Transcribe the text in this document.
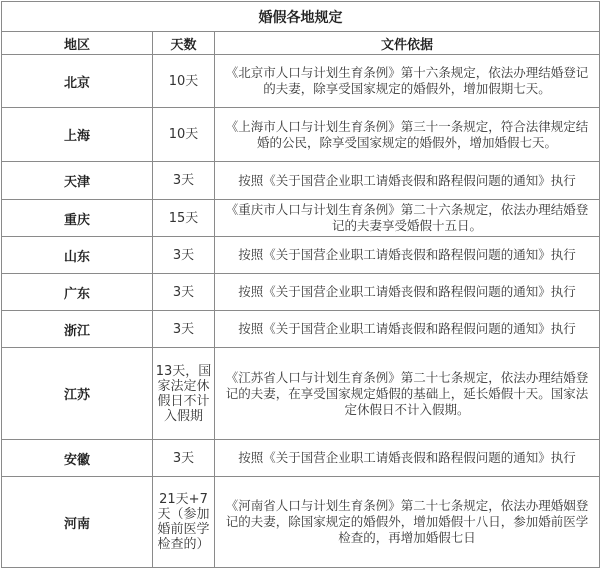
婚假各地规定		
地区	天数	文件依据
北京	10天	《北京市人口与计划生育条例》第十六条规定，依法办理结婚登记的夫妻，除享受国家规定的婚假外，增加假期七天。
上海	10天	《上海市人口与计划生育条例》第三十一条规定，符合法律规定结婚的公民，除享受国家规定的婚假外，增加婚假七天。
天津	3天	按照《关于国营企业职工请婚丧假和路程假问题的通知》执行
重庆	15天	《重庆市人口与计划生育条例》第二十六条规定，依法办理结婚登记的夫妻享受婚假十五日。
山东	3天	按照《关于国营企业职工请婚丧假和路程假问题的通知》执行
广东	3天	按照《关于国营企业职工请婚丧假和路程假问题的通知》执行
浙江	3天	按照《关于国营企业职工请婚丧假和路程假问题的通知》执行
江苏	13天，国家法定休假日不计入假期	《江苏省人口与计划生育条例》第二十七条规定，依法办理结婚登记的夫妻，在享受国家规定婚假的基础上，延长婚假十天。国家法定休假日不计入假期。
安徽	3天	按照《关于国营企业职工请婚丧假和路程假问题的通知》执行
河南	21天+7天（参加婚前医学检查的）	《河南省人口与计划生育条例》第二十七条规定，依法办理婚姻登记的夫妻，除国家规定的婚假外，增加婚假十八日，参加婚前医学检查的，再增加婚假七日
